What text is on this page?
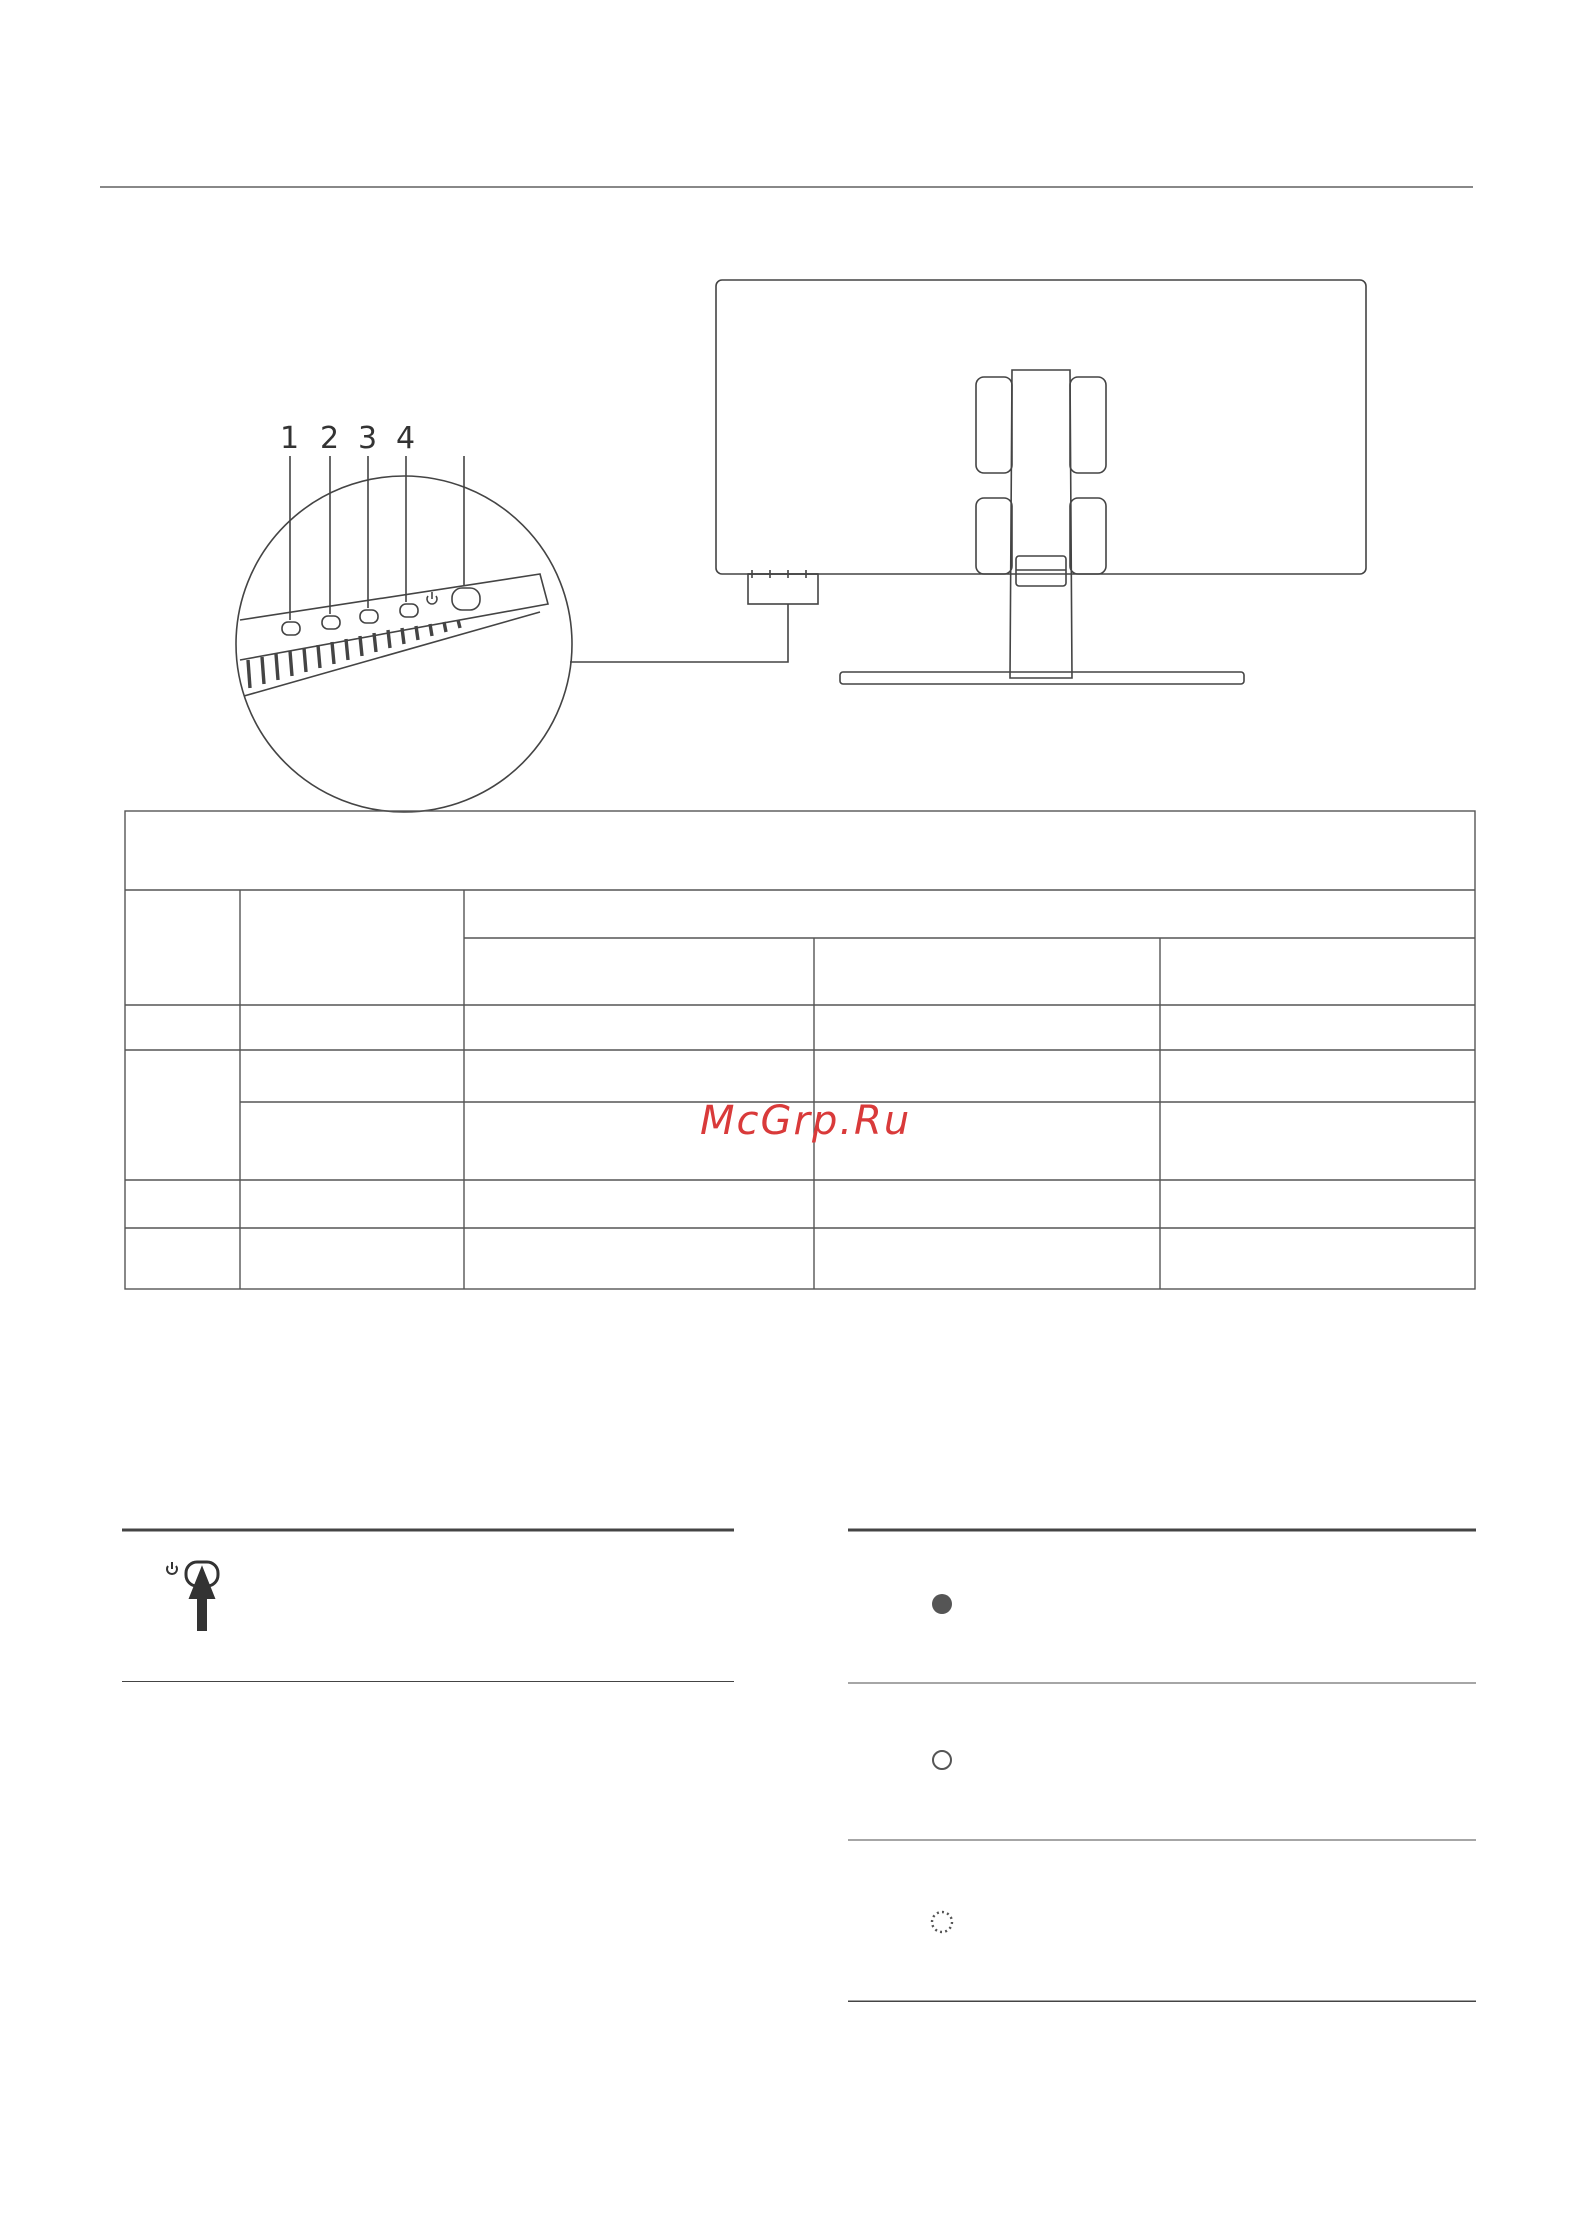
1 2 3 4
McGrp.Ru
